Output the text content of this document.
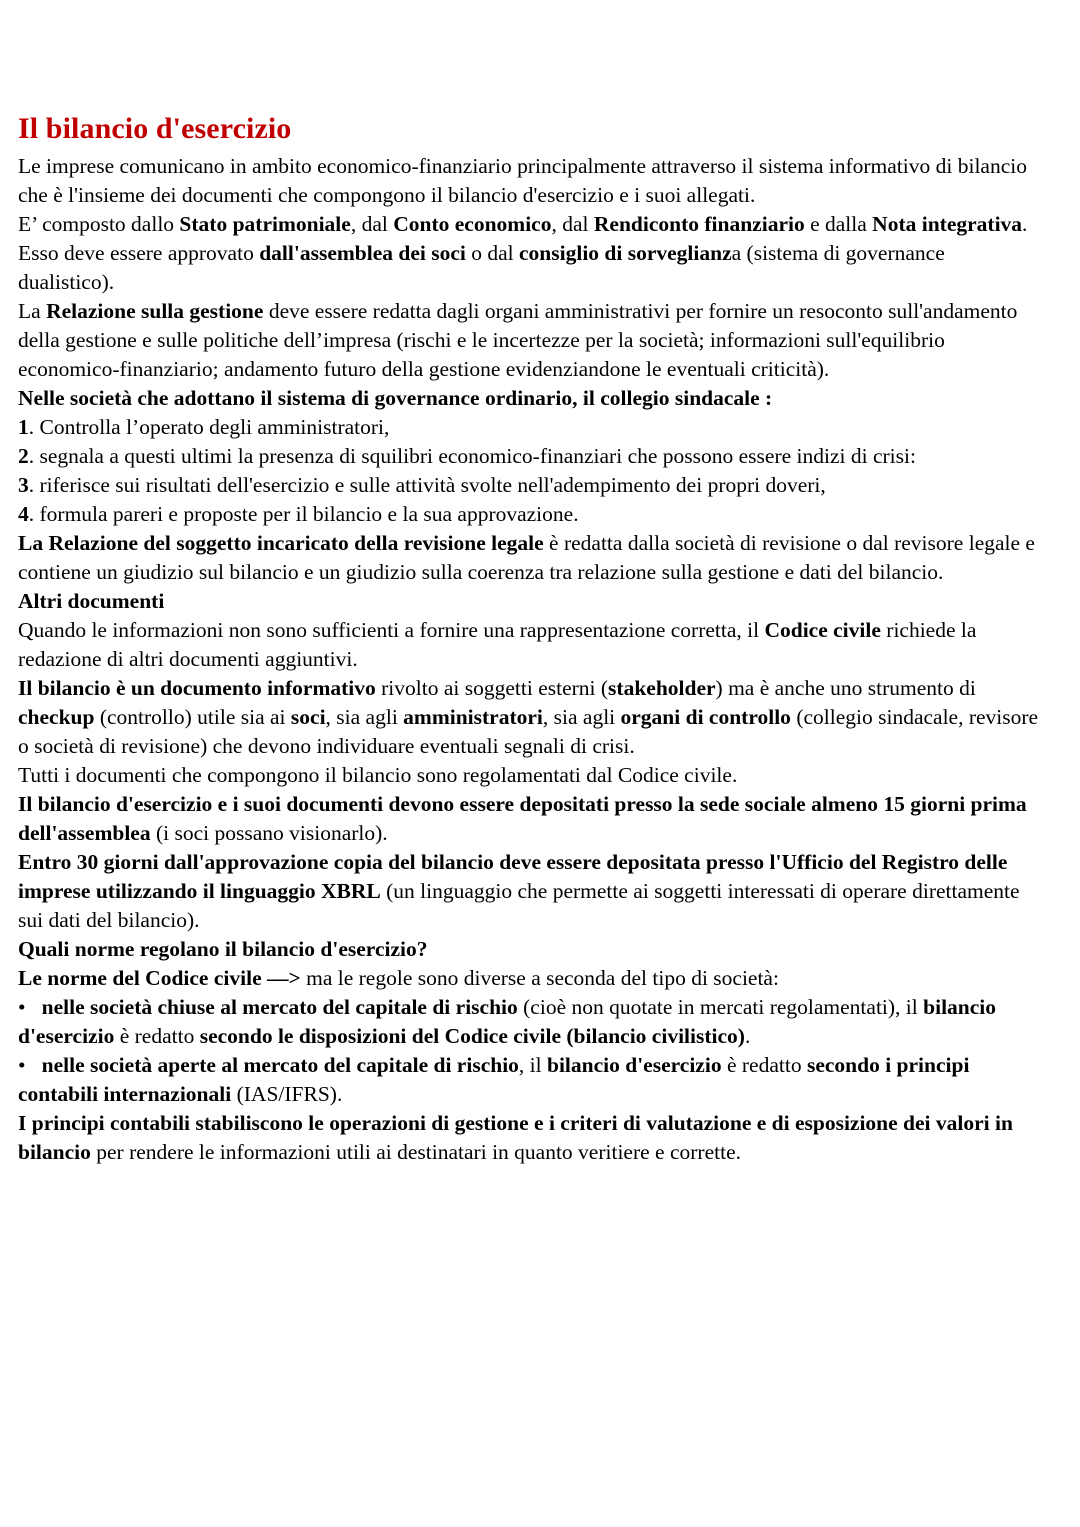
Il bilancio d'esercizio

Le imprese comunicano in ambito economico-finanziario principalmente attraverso il sistema informativo di bilancio che è l'insieme dei documenti che compongono il bilancio d'esercizio e i suoi allegati.

E’ composto dallo Stato patrimoniale, dal Conto economico, dal Rendiconto finanziario e dalla Nota integrativa.

Esso deve essere approvato dall'assemblea dei soci o dal consiglio di sorveglianza (sistema di governance dualistico).

La Relazione sulla gestione deve essere redatta dagli organi amministrativi per fornire un resoconto sull'andamento della gestione e sulle politiche dell’impresa (rischi e le incertezze per la società; informazioni sull'equilibrio economico-finanziario; andamento futuro della gestione evidenziandone le eventuali criticità).

Nelle società che adottano il sistema di governance ordinario, il collegio sindacale :

1. Controlla l’operato degli amministratori,
2. segnala a questi ultimi la presenza di squilibri economico-finanziari che possono essere indizi di crisi:
3. riferisce sui risultati dell'esercizio e sulle attività svolte nell'adempimento dei propri doveri,
4. formula pareri e proposte per il bilancio e la sua approvazione.

La Relazione del soggetto incaricato della revisione legale è redatta dalla società di revisione o dal revisore legale e contiene un giudizio sul bilancio e un giudizio sulla coerenza tra relazione sulla gestione e dati del bilancio.

Altri documenti

Quando le informazioni non sono sufficienti a fornire una rappresentazione corretta, il Codice civile richiede la redazione di altri documenti aggiuntivi.

Il bilancio è un documento informativo rivolto ai soggetti esterni (stakeholder) ma è anche uno strumento di checkup (controllo) utile sia ai soci, sia agli amministratori, sia agli organi di controllo (collegio sindacale, revisore o società di revisione) che devono individuare eventuali segnali di crisi.

Tutti i documenti che compongono il bilancio sono regolamentati dal Codice civile.

Il bilancio d'esercizio e i suoi documenti devono essere depositati presso la sede sociale almeno 15 giorni prima dell'assemblea (i soci possano visionarlo).

Entro 30 giorni dall'approvazione copia del bilancio deve essere depositata presso l'Ufficio del Registro delle imprese utilizzando il linguaggio XBRL (un linguaggio che permette ai soggetti interessati di operare direttamente sui dati del bilancio).

Quali norme regolano il bilancio d'esercizio?

Le norme del Codice civile —> ma le regole sono diverse a seconda del tipo di società:

•   nelle società chiuse al mercato del capitale di rischio (cioè non quotate in mercati regolamentati), il bilancio d'esercizio è redatto secondo le disposizioni del Codice civile (bilancio civilistico).

•   nelle società aperte al mercato del capitale di rischio, il bilancio d'esercizio è redatto secondo i principi contabili internazionali (IAS/IFRS).

I principi contabili stabiliscono le operazioni di gestione e i criteri di valutazione e di esposizione dei valori in bilancio per rendere le informazioni utili ai destinatari in quanto veritiere e corrette.
